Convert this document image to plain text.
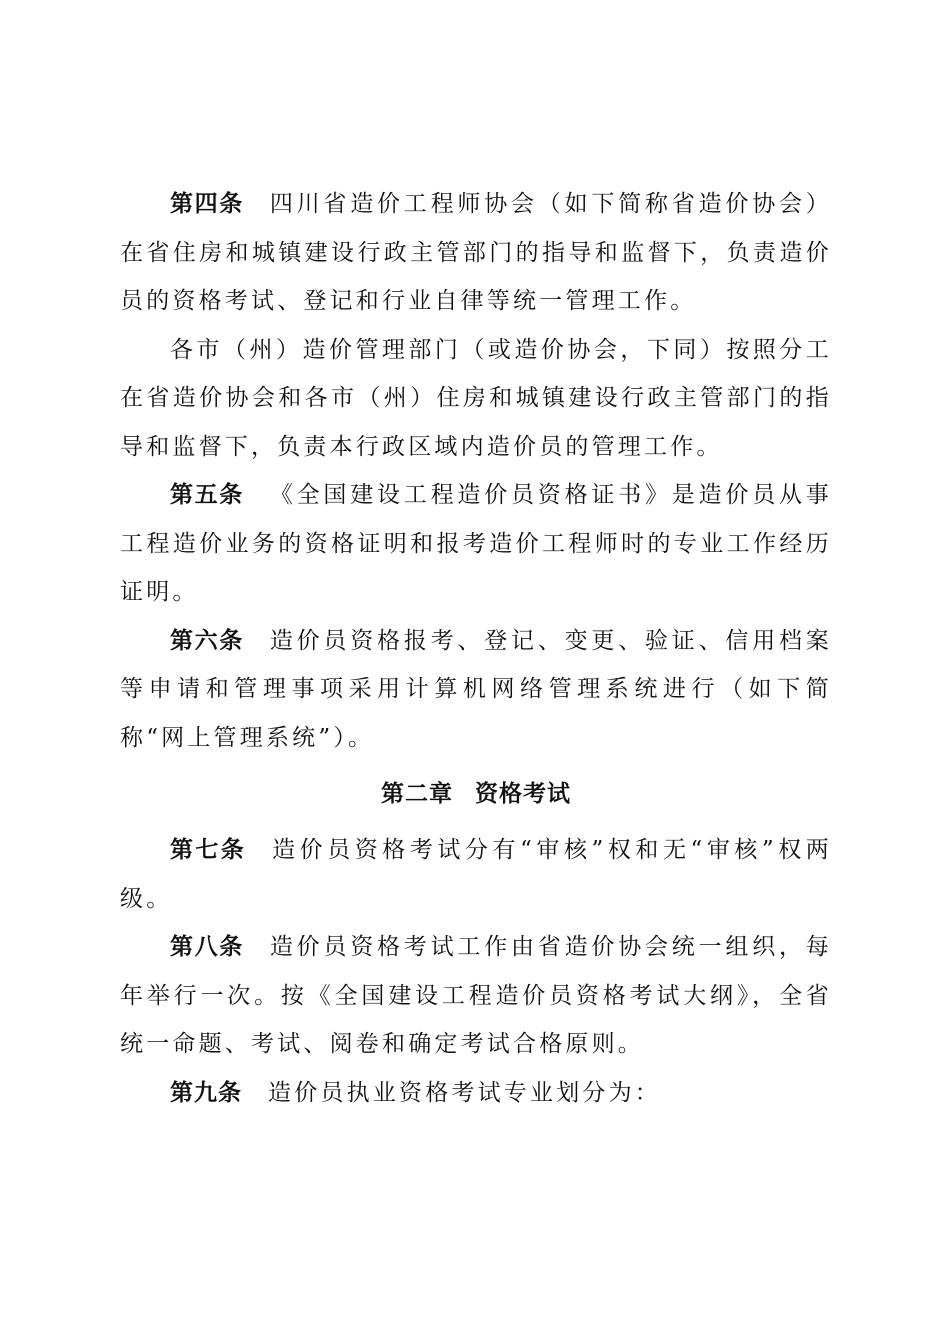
第四条 四川省造价工程师协会（如下简称省造价协会）在省住房和城镇建设行政主管部门的指导和监督下，负责造价员的资格考试、登记和行业自律等统一管理工作。

各市（州）造价管理部门（或造价协会，下同）按照分工在省造价协会和各市（州）住房和城镇建设行政主管部门的指导和监督下，负责本行政区域内造价员的管理工作。

第五条 《全国建设工程造价员资格证书》是造价员从事工程造价业务的资格证明和报考造价工程师时的专业工作经历证明。

第六条 造价员资格报考、登记、变更、验证、信用档案等申请和管理事项采用计算机网络管理系统进行（如下简称“网上管理系统”）。

第二章 资格考试

第七条 造价员资格考试分有“审核”权和无“审核”权两级。

第八条 造价员资格考试工作由省造价协会统一组织，每年举行一次。按《全国建设工程造价员资格考试大纲》，全省统一命题、考试、阅卷和确定考试合格原则。

第九条 造价员执业资格考试专业划分为：
